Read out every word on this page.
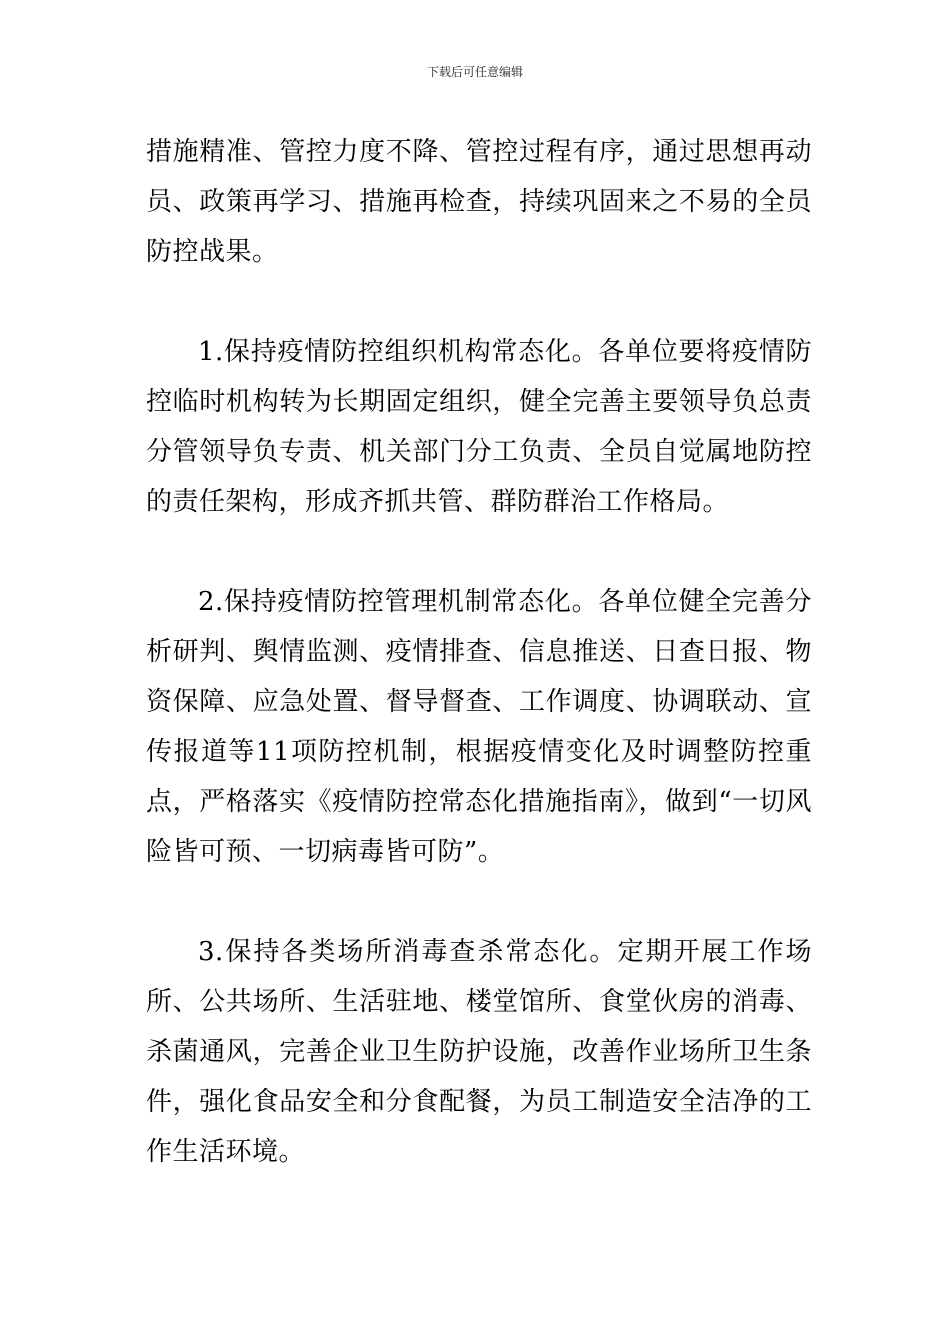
下载后可任意编辑

措施精准、管控力度不降、管控过程有序，通过思想再动员、政策再学习、措施再检查，持续巩固来之不易的全员防控战果。

1.保持疫情防控组织机构常态化。各单位要将疫情防控临时机构转为长期固定组织，健全完善主要领导负总责分管领导负专责、机关部门分工负责、全员自觉属地防控的责任架构，形成齐抓共管、群防群治工作格局。

2.保持疫情防控管理机制常态化。各单位健全完善分析研判、舆情监测、疫情排查、信息推送、日查日报、物资保障、应急处置、督导督查、工作调度、协调联动、宣传报道等11项防控机制，根据疫情变化及时调整防控重点，严格落实《疫情防控常态化措施指南》，做到“一切风险皆可预、一切病毒皆可防”。

3.保持各类场所消毒查杀常态化。定期开展工作场所、公共场所、生活驻地、楼堂馆所、食堂伙房的消毒、杀菌通风，完善企业卫生防护设施，改善作业场所卫生条件，强化食品安全和分食配餐，为员工制造安全洁净的工作生活环境。
